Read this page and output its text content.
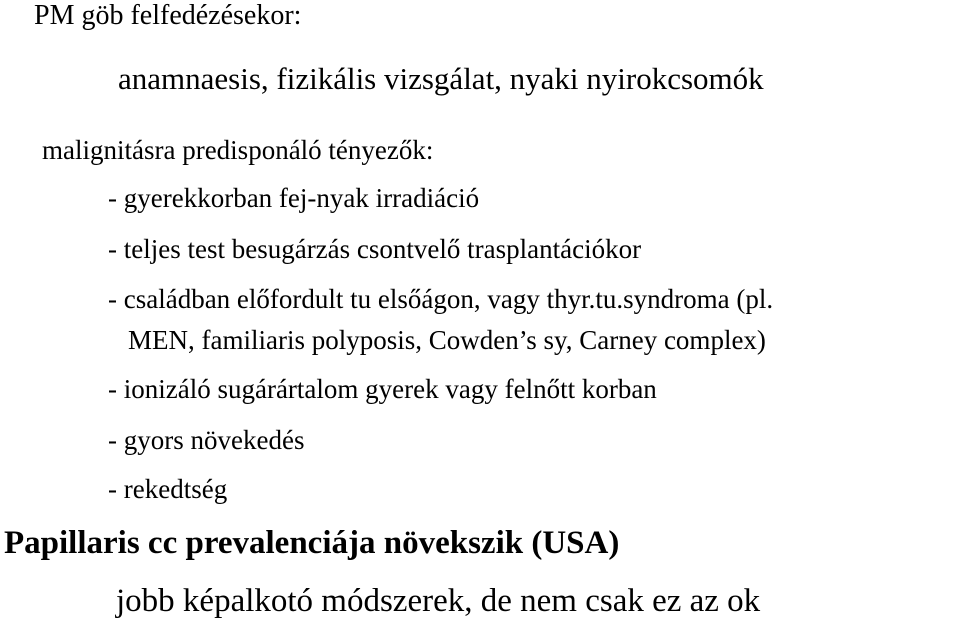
PM göb felfedézésekor:
anamnaesis, fizikális vizsgálat, nyaki nyirokcsomók
malignitásra predisponáló tényezők:
- gyerekkorban fej-nyak irradiáció
- teljes test besugárzás csontvelő trasplantációkor
- családban előfordult tu elsőágon, vagy thyr.tu.syndroma (pl.
MEN, familiaris polyposis, Cowden’s sy, Carney complex)
- ionizáló sugárártalom gyerek vagy felnőtt korban
- gyors növekedés
- rekedtség
Papillaris cc prevalenciája növekszik (USA)
jobb képalkotó módszerek, de nem csak ez az ok
